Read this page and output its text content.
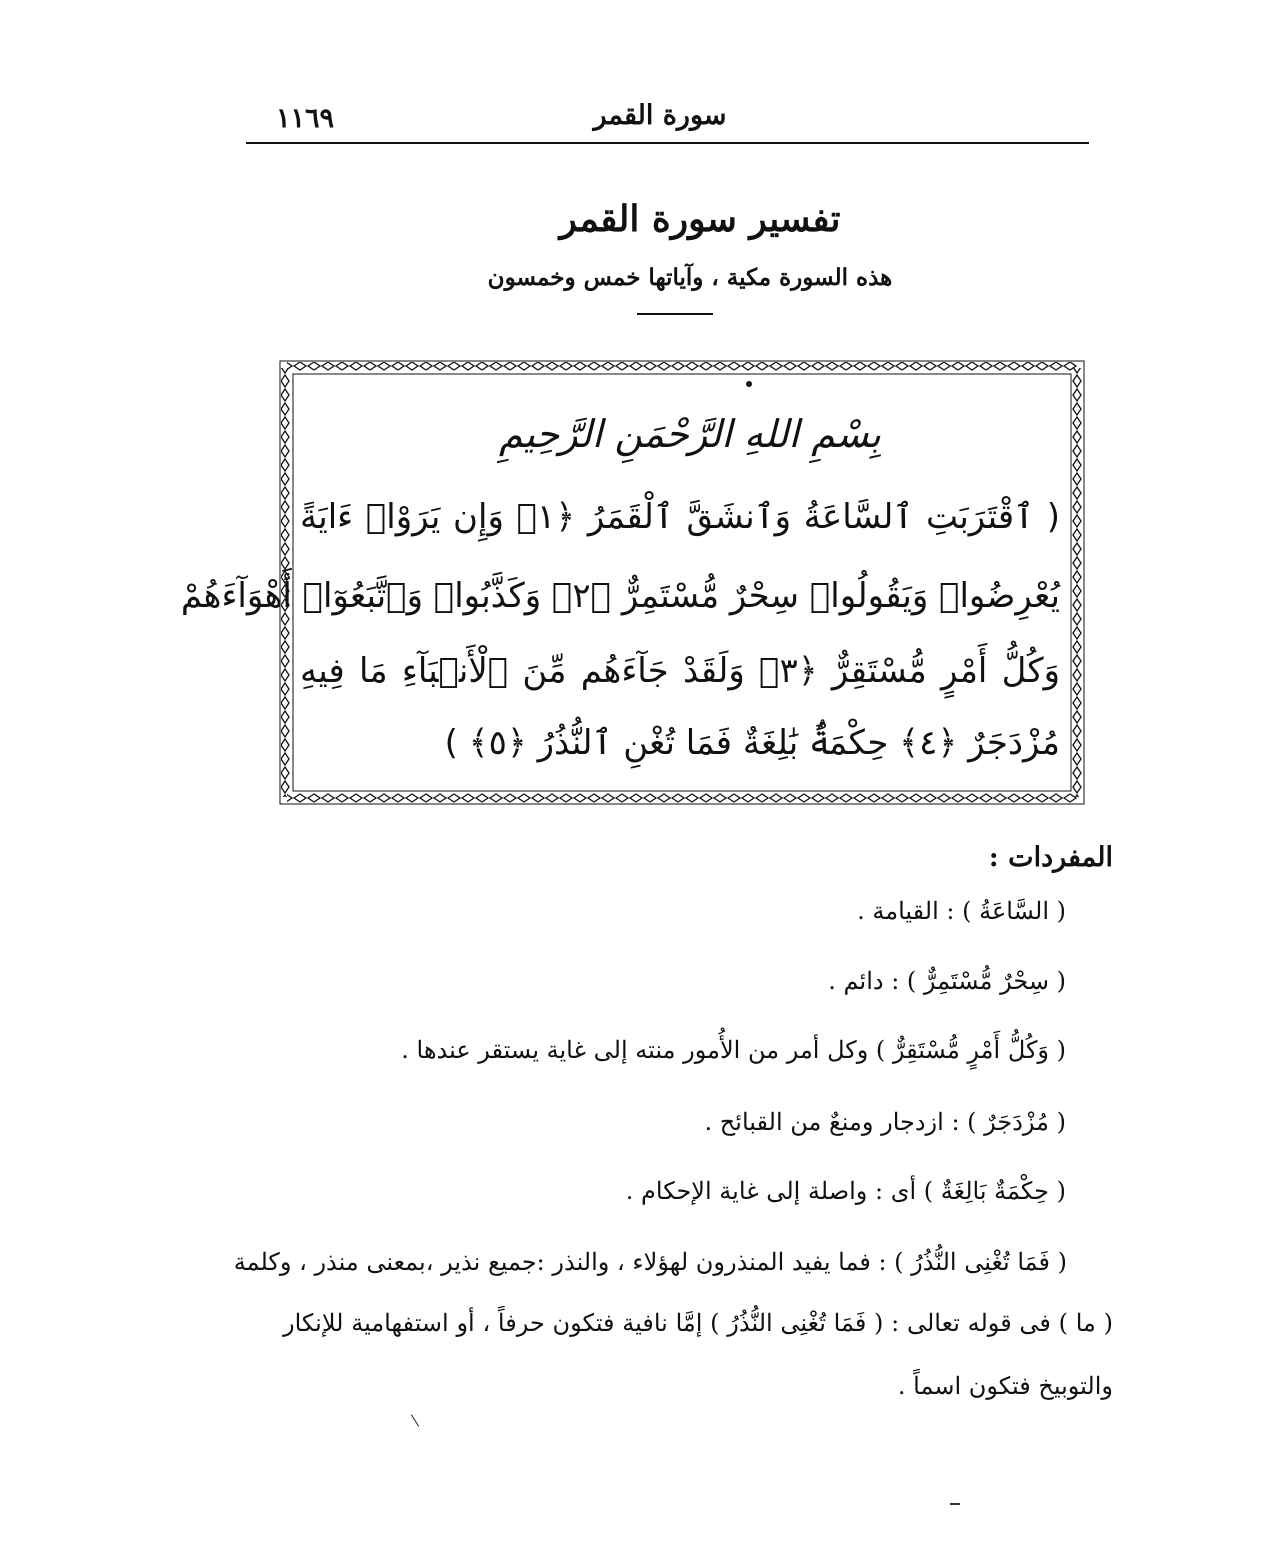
١١٦٩	سورة القمر
تفسير سورة القمر
هذه السورة مكية ، وآياتها خمس وخمسون
بِسْمِ اللهِ الرَّحْمَنِ الرَّحِيمِ
( ٱقْتَرَبَتِ ٱلسَّاعَةُ وَٱنشَقَّ ٱلْقَمَرُ ﴿١﴾ وَإِن يَرَوْا۟ ءَايَةً
يُعْرِضُوا۟ وَيَقُولُوا۟ سِحْرٌ مُّسْتَمِرٌّ ﴿٢﴾ وَكَذَّبُوا۟ وَٱتَّبَعُوٓا۟ أَهْوَآءَهُمْ
وَكُلُّ أَمْرٍ مُّسْتَقِرٌّ ﴿٣﴾ وَلَقَدْ جَآءَهُم مِّنَ ٱلْأَنۢبَآءِ مَا فِيهِ
مُزْدَجَرٌ ﴿٤﴾ حِكْمَةٌۢ بَٰلِغَةٌ فَمَا تُغْنِ ٱلنُّذُرُ ﴿٥﴾ )
المفردات :
( السَّاعَةُ ) : القيامة .
( سِحْرٌ مُّسْتَمِرٌّ ) : دائم .
( وَكُلُّ أَمْرٍ مُّسْتَقِرٌّ ) وكل أمر من الأُمور منته إلى غاية يستقر عندها .
( مُزْدَجَرٌ ) : ازدجار ومنعٌ من القبائح .
( حِكْمَةٌ بَالِغَةٌ ) أى : واصلة إلى غاية الإحكام .
( فَمَا تُغْنِى النُّذُرُ ) : فما يفيد المنذرون لهؤلاء ، والنذر :جميع نذير ،بمعنى منذر ، وكلمة
( ما ) فى قوله تعالى : ( فَمَا تُغْنِى النُّذُرُ ) إمَّا نافية فتكون حرفاً ، أو استفهامية للإنكار
والتوبيخ فتكون اسماً .
